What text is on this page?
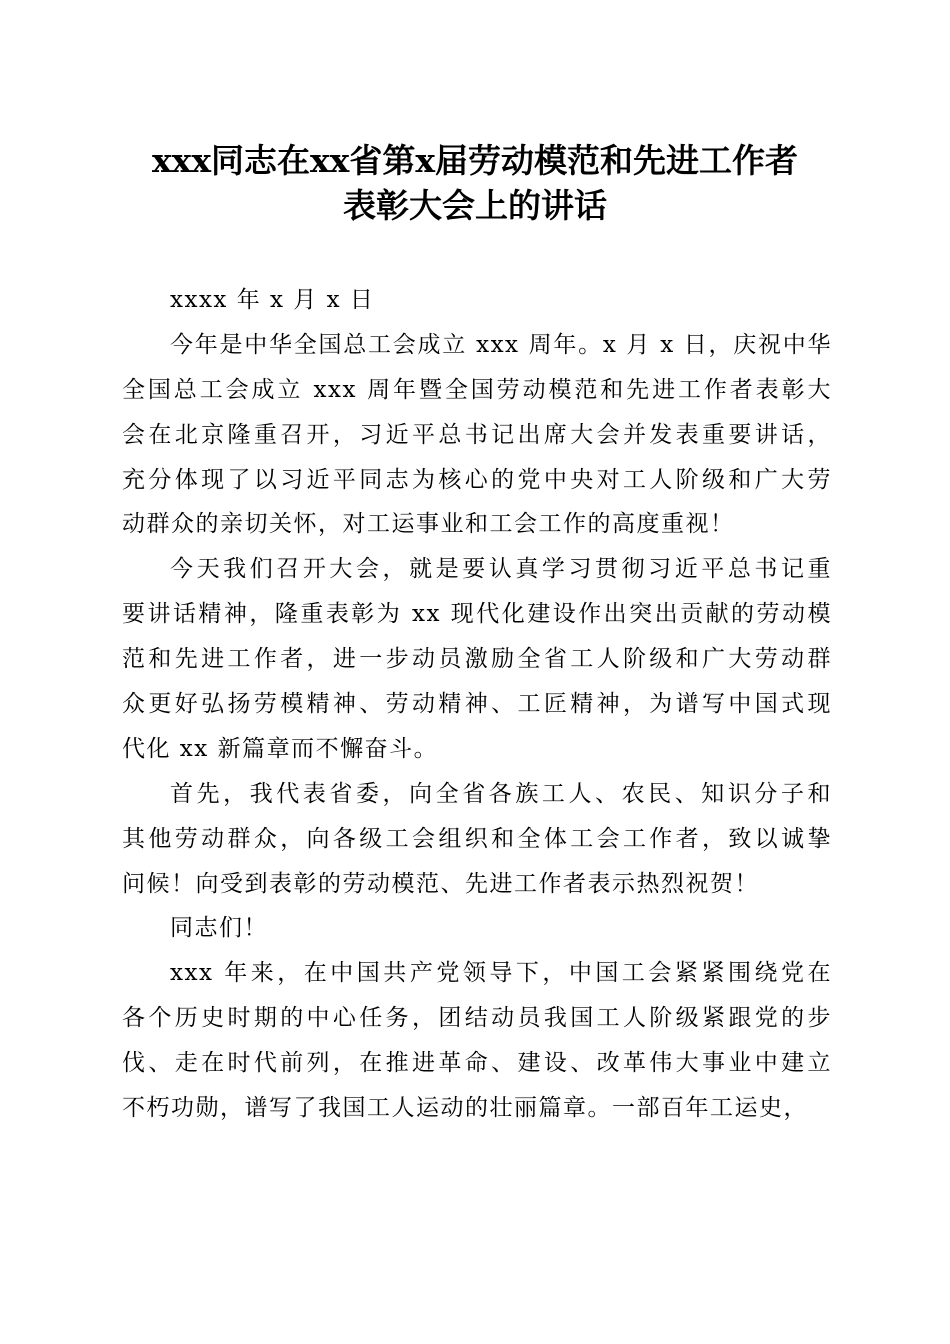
xxx同志在xx省第x届劳动模范和先进工作者
表彰大会上的讲话
xxxx 年 x 月 x 日
今年是中华全国总工会成立 xxx 周年。x 月 x 日，庆祝中华
全国总工会成立 xxx 周年暨全国劳动模范和先进工作者表彰大
会在北京隆重召开，习近平总书记出席大会并发表重要讲话，
充分体现了以习近平同志为核心的党中央对工人阶级和广大劳
动群众的亲切关怀，对工运事业和工会工作的高度重视！
今天我们召开大会，就是要认真学习贯彻习近平总书记重
要讲话精神，隆重表彰为 xx 现代化建设作出突出贡献的劳动模
范和先进工作者，进一步动员激励全省工人阶级和广大劳动群
众更好弘扬劳模精神、劳动精神、工匠精神，为谱写中国式现
代化 xx 新篇章而不懈奋斗。
首先，我代表省委，向全省各族工人、农民、知识分子和
其他劳动群众，向各级工会组织和全体工会工作者，致以诚挚
问候！向受到表彰的劳动模范、先进工作者表示热烈祝贺！
同志们！
xxx 年来，在中国共产党领导下，中国工会紧紧围绕党在
各个历史时期的中心任务，团结动员我国工人阶级紧跟党的步
伐、走在时代前列，在推进革命、建设、改革伟大事业中建立
不朽功勋，谱写了我国工人运动的壮丽篇章。一部百年工运史，
